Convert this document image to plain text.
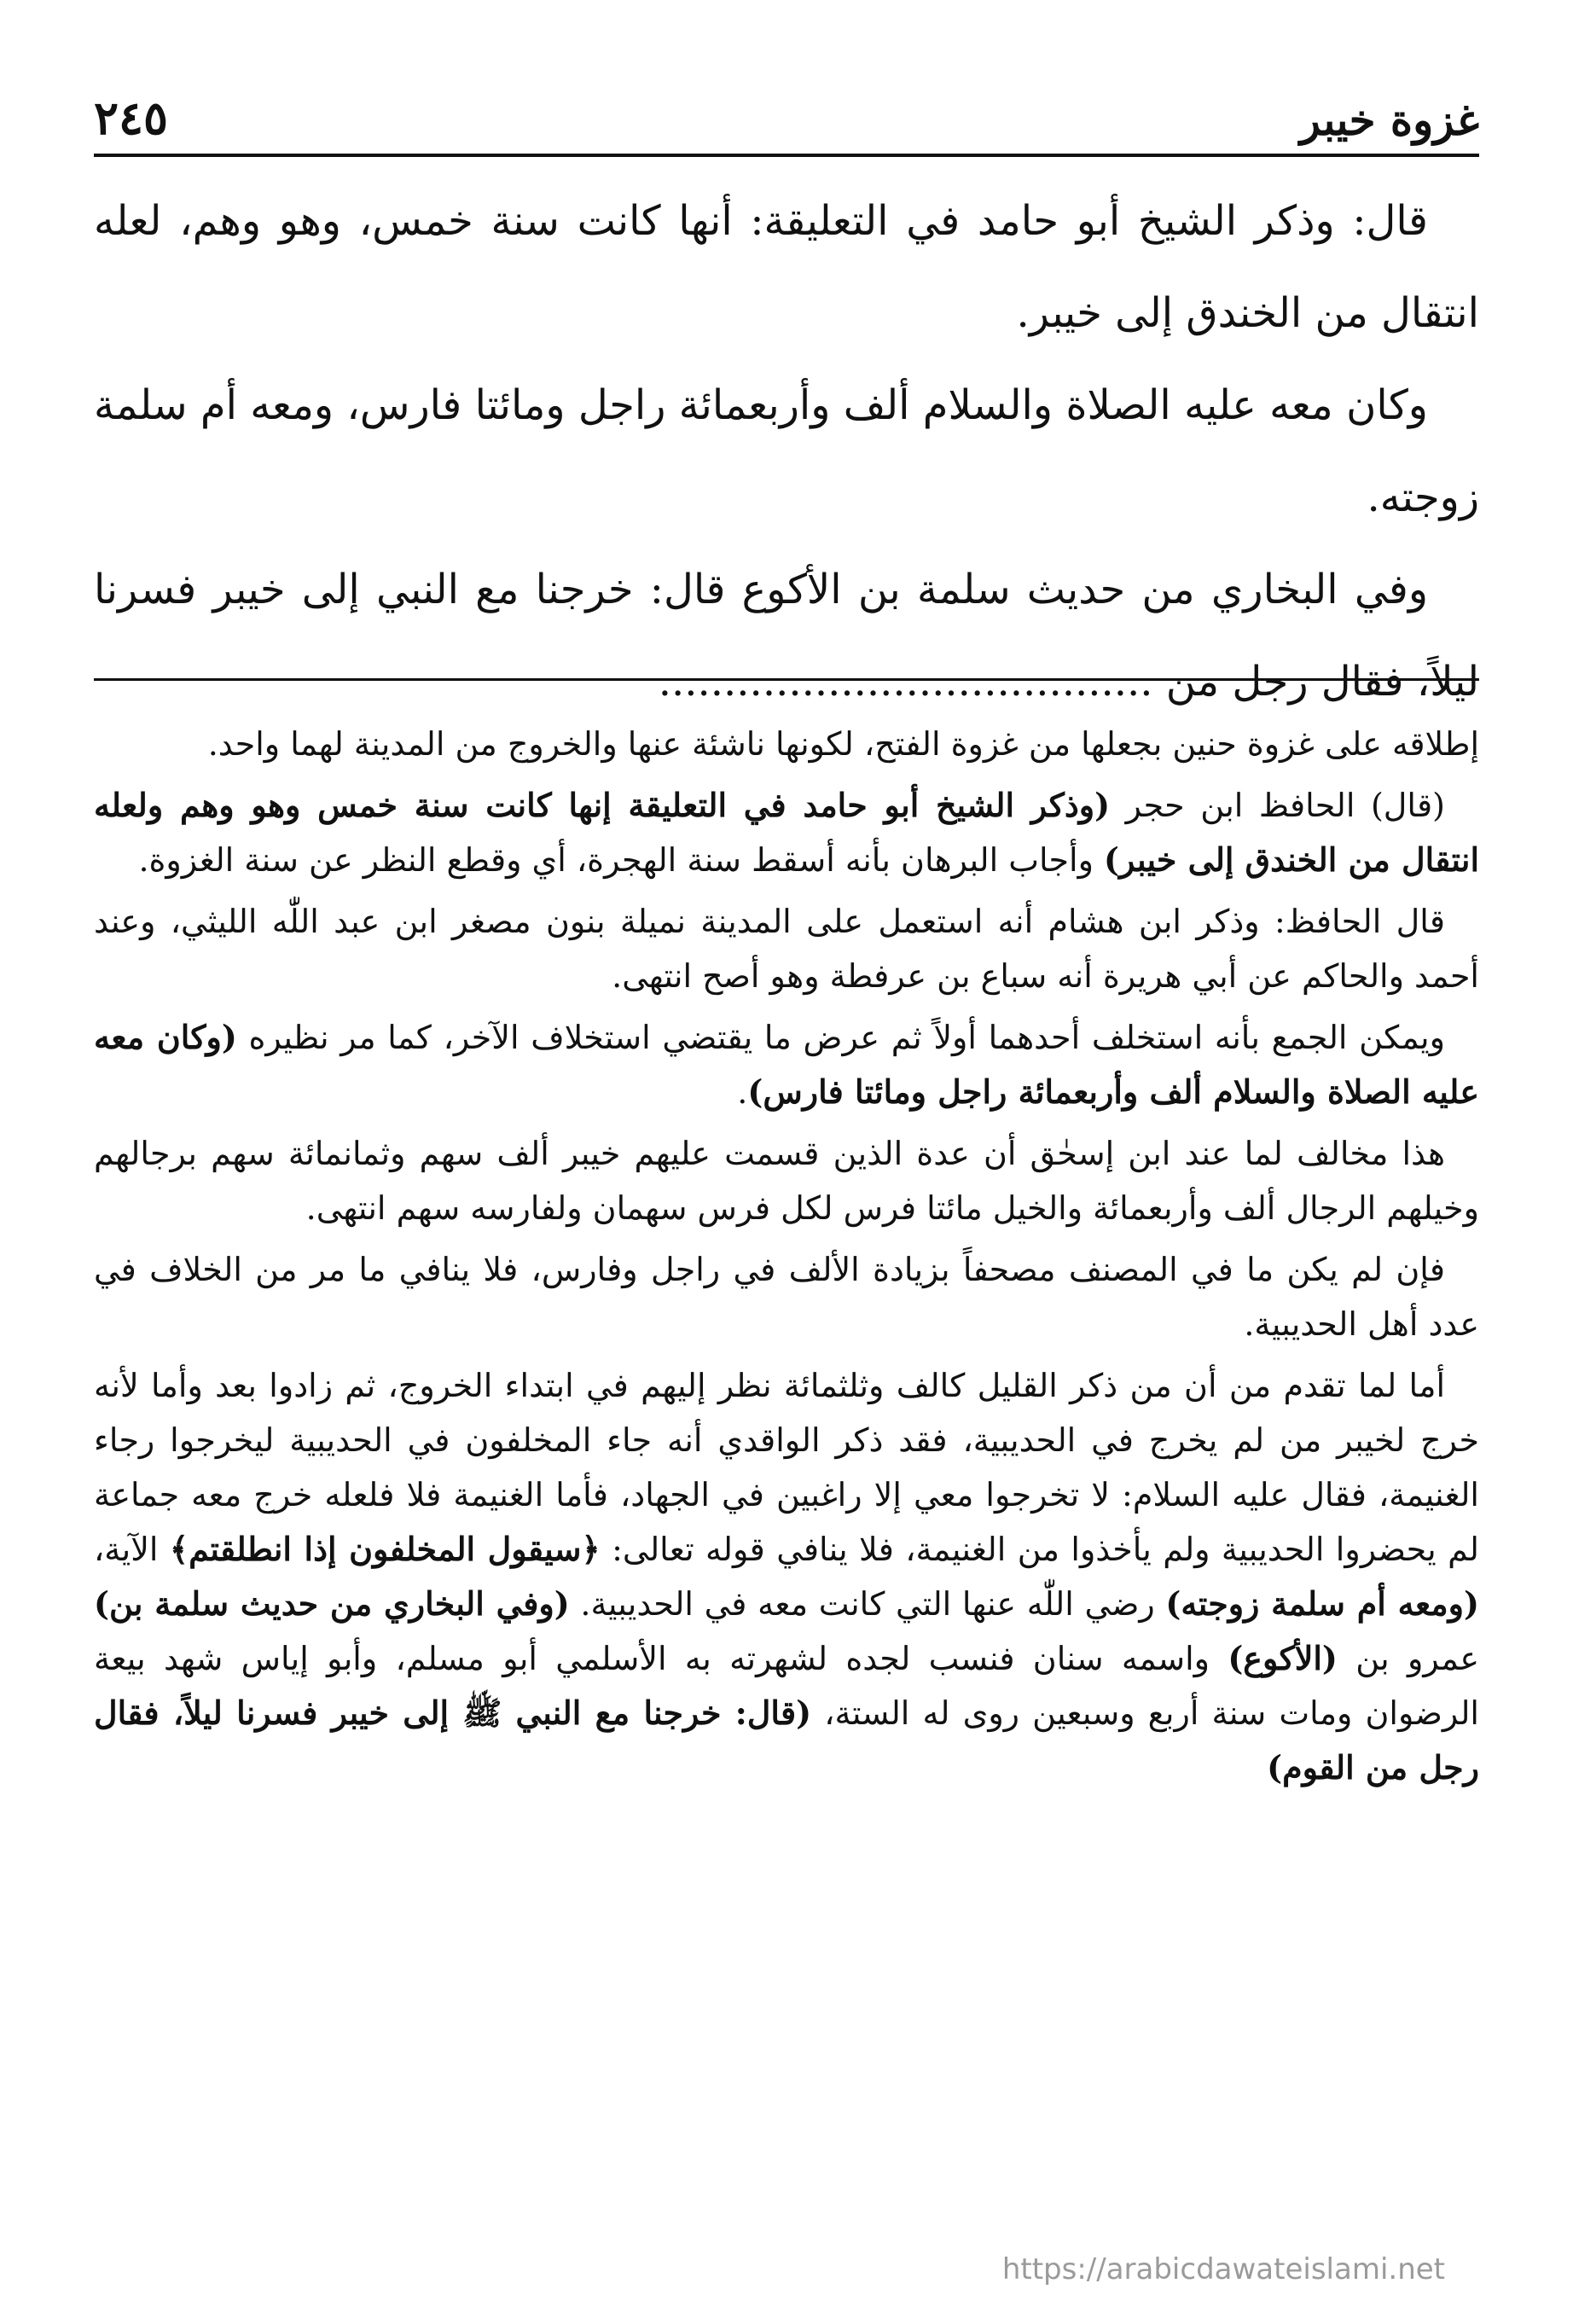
غزوة خيبر
٢٤٥

قال: وذكر الشيخ أبو حامد في التعليقة: أنها كانت سنة خمس، وهو وهم، لعله انتقال من الخندق إلى خيبر.

وكان معه عليه الصلاة والسلام ألف وأربعمائة راجل ومائتا فارس، ومعه أم سلمة زوجته.

وفي البخاري من حديث سلمة بن الأكوع قال: خرجنا مع النبي إلى خيبر فسرنا ليلاً، فقال رجل من ......................................

إطلاقه على غزوة حنين بجعلها من غزوة الفتح، لكونها ناشئة عنها والخروج من المدينة لهما واحد.

(قال) الحافظ ابن حجر (وذكر الشيخ أبو حامد في التعليقة إنها كانت سنة خمس وهو وهم ولعله انتقال من الخندق إلى خيبر) وأجاب البرهان بأنه أسقط سنة الهجرة، أي وقطع النظر عن سنة الغزوة.

قال الحافظ: وذكر ابن هشام أنه استعمل على المدينة نميلة بنون مصغر ابن عبد اللّٰه الليثي، وعند أحمد والحاكم عن أبي هريرة أنه سباع بن عرفطة وهو أصح انتهى.

ويمكن الجمع بأنه استخلف أحدهما أولاً ثم عرض ما يقتضي استخلاف الآخر، كما مر نظيره (وكان معه عليه الصلاة والسلام ألف وأربعمائة راجل ومائتا فارس).

هذا مخالف لما عند ابن إسحٰق أن عدة الذين قسمت عليهم خيبر ألف سهم وثمانمائة سهم برجالهم وخيلهم الرجال ألف وأربعمائة والخيل مائتا فرس لكل فرس سهمان ولفارسه سهم انتهى.

فإن لم يكن ما في المصنف مصحفاً بزيادة الألف في راجل وفارس، فلا ينافي ما مر من الخلاف في عدد أهل الحديبية.

أما لما تقدم من أن من ذكر القليل كالف وثلثمائة نظر إليهم في ابتداء الخروج، ثم زادوا بعد وأما لأنه خرج لخيبر من لم يخرج في الحديبية، فقد ذكر الواقدي أنه جاء المخلفون في الحديبية ليخرجوا رجاء الغنيمة، فقال عليه السلام: لا تخرجوا معي إلا راغبين في الجهاد، فأما الغنيمة فلا فلعله خرج معه جماعة لم يحضروا الحديبية ولم يأخذوا من الغنيمة، فلا ينافي قوله تعالى: ﴿سيقول المخلفون إذا انطلقتم﴾ الآية، (ومعه أم سلمة زوجته) رضي اللّٰه عنها التي كانت معه في الحديبية. (وفي البخاري من حديث سلمة بن) عمرو بن (الأكوع) واسمه سنان فنسب لجده لشهرته به الأسلمي أبو مسلم، وأبو إياس شهد بيعة الرضوان ومات سنة أربع وسبعين روى له الستة، (قال: خرجنا مع النبي ﷺ إلى خيبر فسرنا ليلاً، فقال رجل من القوم)

https://arabicdawateislami.net
